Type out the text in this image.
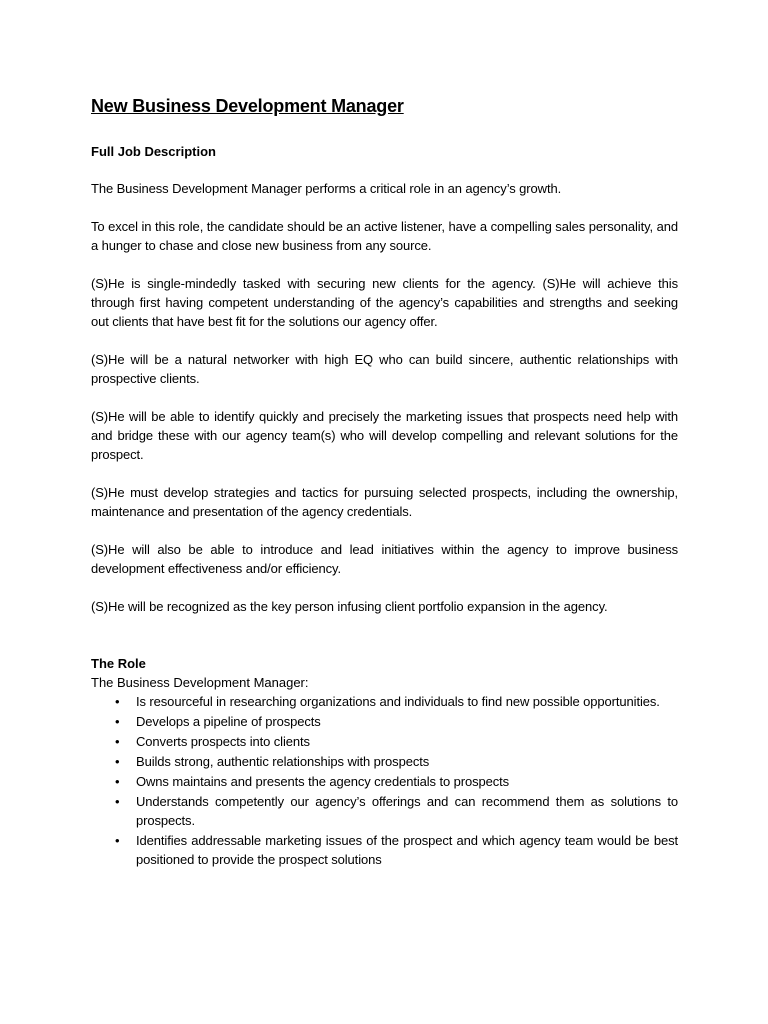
New Business Development Manager
Full Job Description

The Business Development Manager performs a critical role in an agency’s growth.

To excel in this role, the candidate should be an active listener, have a compelling sales personality, and a hunger to chase and close new business from any source.

(S)He is single-mindedly tasked with securing new clients for the agency. (S)He will achieve this through first having competent understanding of the agency’s capabilities and strengths and seeking out clients that have best fit for the solutions our agency offer.

(S)He will be a natural networker with high EQ who can build sincere, authentic relationships with prospective clients.

(S)He will be able to identify quickly and precisely the marketing issues that prospects need help with and bridge these with our agency team(s) who will develop compelling and relevant solutions for the prospect.

(S)He must develop strategies and tactics for pursuing selected prospects, including the ownership, maintenance and presentation of the agency credentials.

(S)He will also be able to introduce and lead initiatives within the agency to improve business development effectiveness and/or efficiency.

(S)He will be recognized as the key person infusing client portfolio expansion in the agency.

The Role
The Business Development Manager:
• Is resourceful in researching organizations and individuals to find new possible opportunities.
• Develops a pipeline of prospects
• Converts prospects into clients
• Builds strong, authentic relationships with prospects
• Owns maintains and presents the agency credentials to prospects
• Understands competently our agency’s offerings and can recommend them as solutions to prospects.
• Identifies addressable marketing issues of the prospect and which agency team would be best positioned to provide the prospect solutions
